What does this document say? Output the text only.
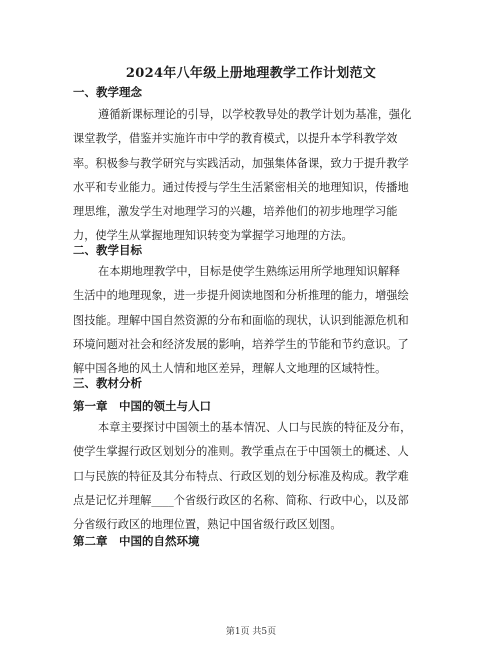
2024年八年级上册地理教学工作计划范文
一、教学理念
遵循新课标理论的引导，以学校教导处的教学计划为基准，强化
课堂教学，借鉴并实施许市中学的教育模式，以提升本学科教学效
率。积极参与教学研究与实践活动，加强集体备课，致力于提升教学
水平和专业能力。通过传授与学生生活紧密相关的地理知识，传播地
理思维，激发学生对地理学习的兴趣，培养他们的初步地理学习能
力，使学生从掌握地理知识转变为掌握学习地理的方法。
二、教学目标
在本期地理教学中，目标是使学生熟练运用所学地理知识解释
生活中的地理现象，进一步提升阅读地图和分析推理的能力，增强绘
图技能。理解中国自然资源的分布和面临的现状，认识到能源危机和
环境问题对社会和经济发展的影响，培养学生的节能和节约意识。了
解中国各地的风土人情和地区差异，理解人文地理的区域特性。
三、教材分析
第一章　中国的领土与人口
本章主要探讨中国领土的基本情况、人口与民族的特征及分布，
使学生掌握行政区划划分的准则。教学重点在于中国领土的概述、人
口与民族的特征及其分布特点、行政区划的划分标准及构成。教学难
点是记忆并理解____个省级行政区的名称、简称、行政中心，以及部
分省级行政区的地理位置，熟记中国省级行政区划图。
第二章　中国的自然环境
第1页 共5页
